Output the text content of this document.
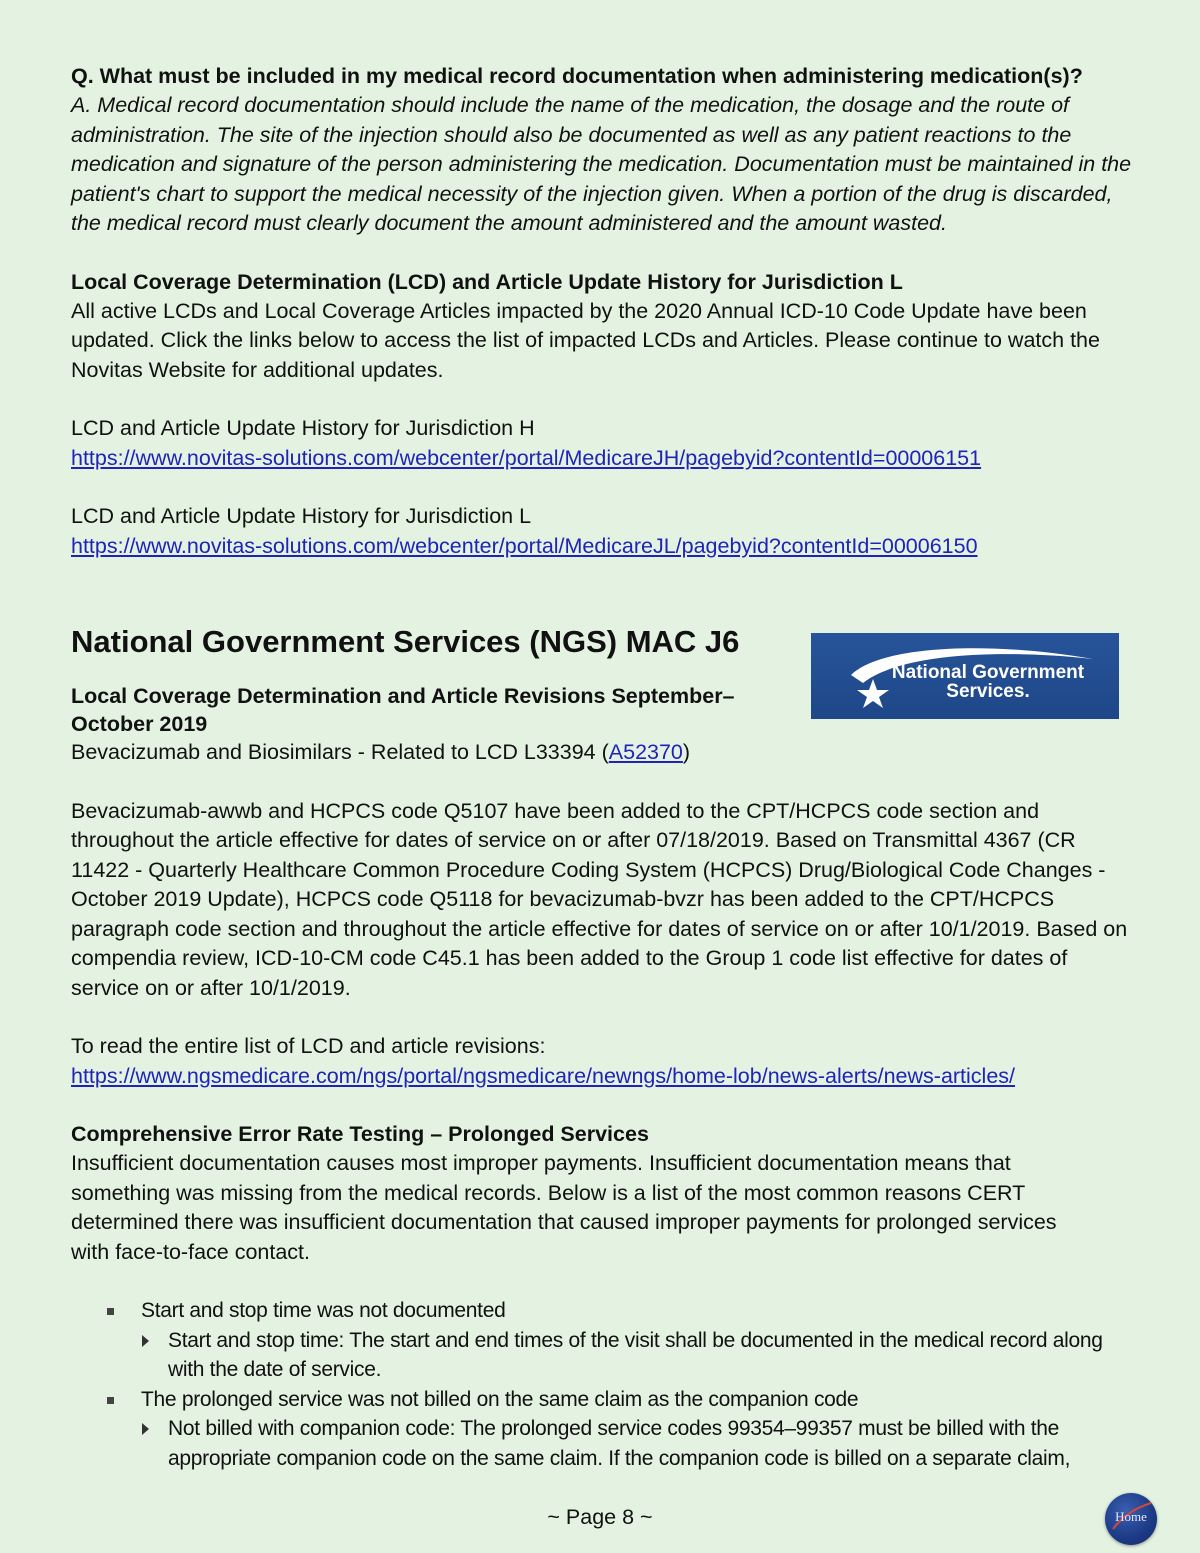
Q. What must be included in my medical record documentation when administering medication(s)?

A. Medical record documentation should include the name of the medication, the dosage and the route of administration. The site of the injection should also be documented as well as any patient reactions to the medication and signature of the person administering the medication. Documentation must be maintained in the patient's chart to support the medical necessity of the injection given. When a portion of the drug is discarded, the medical record must clearly document the amount administered and the amount wasted.

Local Coverage Determination (LCD) and Article Update History for Jurisdiction L

All active LCDs and Local Coverage Articles impacted by the 2020 Annual ICD-10 Code Update have been updated. Click the links below to access the list of impacted LCDs and Articles. Please continue to watch the Novitas Website for additional updates.

LCD and Article Update History for Jurisdiction H

https://www.novitas-solutions.com/webcenter/portal/MedicareJH/pagebyid?contentId=00006151

LCD and Article Update History for Jurisdiction L

https://www.novitas-solutions.com/webcenter/portal/MedicareJL/pagebyid?contentId=00006150

National Government Services (NGS) MAC J6

Local Coverage Determination and Article Revisions September–October 2019

Bevacizumab and Biosimilars - Related to LCD L33394 (A52370)

Bevacizumab-awwb and HCPCS code Q5107 have been added to the CPT/HCPCS code section and throughout the article effective for dates of service on or after 07/18/2019. Based on Transmittal 4367 (CR 11422 - Quarterly Healthcare Common Procedure Coding System (HCPCS) Drug/Biological Code Changes - October 2019 Update), HCPCS code Q5118 for bevacizumab-bvzr has been added to the CPT/HCPCS paragraph code section and throughout the article effective for dates of service on or after 10/1/2019. Based on compendia review, ICD-10-CM code C45.1 has been added to the Group 1 code list effective for dates of service on or after 10/1/2019.

To read the entire list of LCD and article revisions:

https://www.ngsmedicare.com/ngs/portal/ngsmedicare/newngs/home-lob/news-alerts/news-articles/

Comprehensive Error Rate Testing – Prolonged Services

Insufficient documentation causes most improper payments. Insufficient documentation means that something was missing from the medical records. Below is a list of the most common reasons CERT determined there was insufficient documentation that caused improper payments for prolonged services with face-to-face contact.

Start and stop time was not documented
Start and stop time: The start and end times of the visit shall be documented in the medical record along with the date of service.
The prolonged service was not billed on the same claim as the companion code
Not billed with companion code: The prolonged service codes 99354–99357 must be billed with the appropriate companion code on the same claim. If the companion code is billed on a separate claim,
National Government
Services.
~ Page 8 ~	Home
